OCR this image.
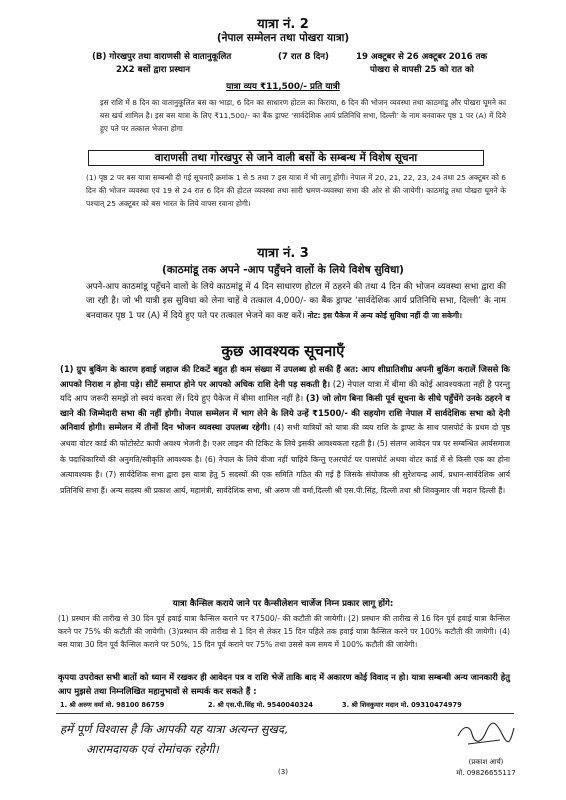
यात्रा नं. 2
(नेपाल सम्मेलन तथा पोखरा यात्रा)
(B) गोरखपुर तथा वाराणसी से वातानुकूलित
2X2 बसों द्वारा प्रस्थान
(7 रात 8 दिन)	19 अक्टूबर से 26 अक्टूबर 2016 तक
पोखरा से वापसी 25 को रात को
यात्रा व्यय ₹11,500/- प्रति यात्री
इस राशि में 8 दिन का वातानुकूलित बस का भाड़ा, 6 दिन का साधारण होटल का किराया, 6 दिन की भोजन व्यवस्था तथा काठमांडू और पोखरा घूमने का बस खर्च शामिल है। इस बस यात्रा के लिए ₹11,500/- का बैंक ड्राफ्ट ‘सार्वदेशिक आर्य प्रतिनिधि सभा, दिल्ली’ के नाम बनवाकर पृष्ठ 1 पर (A) में दिये हुए पते पर तत्काल भेजना होगा
वाराणसी तथा गोरखपुर से जाने वाली बसों के सम्बन्ध में विशेष सूचना
(1) पृष्ठ 2 पर बस यात्रा सम्बन्धी दी गई सूचनाएँ क्रमांक 1 से 5 तथा 7 इस यात्रा में भी लागू होंगी। नेपाल में 20, 21, 22, 23, 24 तथा 25 अक्टूबर को 6 दिन की भोजन व्यवस्था एवं 19 से 24 रात 6 दिन की होटल व्यवस्था तथा सारी भ्रमण-व्यवस्था सभा की ओर से की जायेगी। काठमांडू तथा पोखरा घूमने के पश्चात् 25 अक्टूबर को बस भारत के लिये वापस रवाना होगी।
यात्रा नं. 3
(काठमांडू तक अपने -आप पहुँचने वालों के लिये विशेष सुविधा)
अपने-आप काठमांडू पहुँचने वालों के लिये काठमांडू में 4 दिन साधारण होटल में ठहरने की तथा 4 दिन की भोजन व्यवस्था सभा द्वारा की जा रही है। जो भी यात्री इस सुविधा को लेना चाहें वे तत्काल 4,000/- का बैंक ड्राफ्ट ‘सार्वदेशिक आर्य प्रतिनिधि सभा, दिल्ली’ के नाम बनवाकर पृष्ठ 1 पर (A) में दिये हुए पते पर तत्काल भेजने का कष्ट करें। नोट: इस पैकेज में अन्य कोई सुविधा नहीं दी जा सकेगी।
कुछ आवश्यक सूचनाएँ
(1) ग्रुप बुकिंग के कारण हवाई जहाज की टिकटें बहुत ही कम संख्या में उपलब्ध हो सकी हैं अत: आप शीघ्रातिशीघ्र अपनी बुकिंग करालें जिससे कि आपको निराश न होना पड़े। सीटें समाप्त होने पर आपको अधिक राशि देनी पड़ सकती है। (2) नेपाल यात्रा में बीमा की कोई आवश्यकता नहीं है परन्तु यदि आप जरूरी समझें तो स्वयं करवा लें। दिये हुए पैकेज में बीमा शामिल नहीं है। (3) जो लोग बिना किसी पूर्व सूचना के सीधे पहुँचेंगे उनके ठहरने व खाने की जिम्मेदारी सभा की नहीं होगी। नेपाल सम्मेलन में भाग लेने के लिये उन्हें ₹1500/- की सहयोग राशि नेपाल में सार्वदेशिक सभा को देनी अनिवार्य होगी। सम्मेलन में तीनों दिन भोजन व्यवस्था उपलब्ध रहेगी। (4) सभी यात्रियों को यात्रा की व्यय राशि के ड्राफ्ट के साथ पासपोर्ट के प्रथम दो पृष्ठ अथवा वोटर कार्ड की फोटोस्टेट कापी अवश्य भेजनी है। एअर लाइन की टिकिट के लिये इसकी आवश्यकता रहती है। (5) संलग्न आवेदन पत्र पर सम्बन्धित आर्यसमाज के पदाधिकारियों की अनुमति/स्वीकृति आवश्यक है। (6) नेपाल के लिये वीजा नहीं चाहिये किन्तु एअरपोर्ट पर पासपोर्ट अथवा वोटर कार्ड में से किसी एक का होना अत्यावश्यक है। (7) सार्वदेशिक सभा द्वारा इस यात्रा हेतु 5 सदस्यों की एक समिति गठित की गई है जिसके संयोजक श्री सुरेशचन्द्र आर्य, प्रधान-सार्वदेशिक आर्य प्रतिनिधि सभा हैं। अन्य सदस्य श्री प्रकाश आर्य, महामंत्री, सार्वदेशिक सभा, श्री अरुण जी वर्मा,दिल्ली श्री एस.पी.सिंह, दिल्ली तथा श्री शिवकुमार जी मदान दिल्ली हैं।
यात्रा कैन्सिल कराये जाने पर कैन्सीलेशन चार्जेज निम्न प्रकार लागू होंगे:
(1) प्रस्थान की तारीख से 30 दिन पूर्व हवाई यात्रा कैन्सिल कराने पर ₹7500/- की कटौती की जायेगी। (2) प्रस्थान की तारीख से 16 दिन पूर्व हवाई यात्रा कैन्सिल करने पर 75% की कटौती की जायेगी। (3)प्रस्थान की तारीख से 1 दिन से लेकर 15 दिन पहिले तक हवाई यात्रा कैन्सिल करने पर 100% कटौती की जायेगी। (4) बस यात्रा 30 दिन पूर्व कैन्सिल कराने पर 50%, 15 दिन पूर्व कराने पर 75% तथा उससे कम समय में 100% कटौती की जायेगी।
कृपया उपरोक्त सभी बातों को ध्यान में रखकर ही आवेदन पत्र व राशि भेजें ताकि बाद में अकारण कोई विवाद न हो। यात्रा सम्बन्धी अन्य जानकारी हेतु आप मुझसे तथा निम्नलिखित महानुभावों से सम्पर्क कर सकते हैं :
1. श्री अरुण वर्मा मो. 98100 86759	2. श्री एस.पी.सिंह मो. 9540040324	3. श्री शिवकुमार मदान मो. 09310474979
हमें पूर्ण विश्वास है कि आपकी यह यात्रा अत्यन्त सुखद,
आरामदायक एवं रोमांचक रहेगी।
(प्रकाश आर्य)
मो. 09826655117
(3)
